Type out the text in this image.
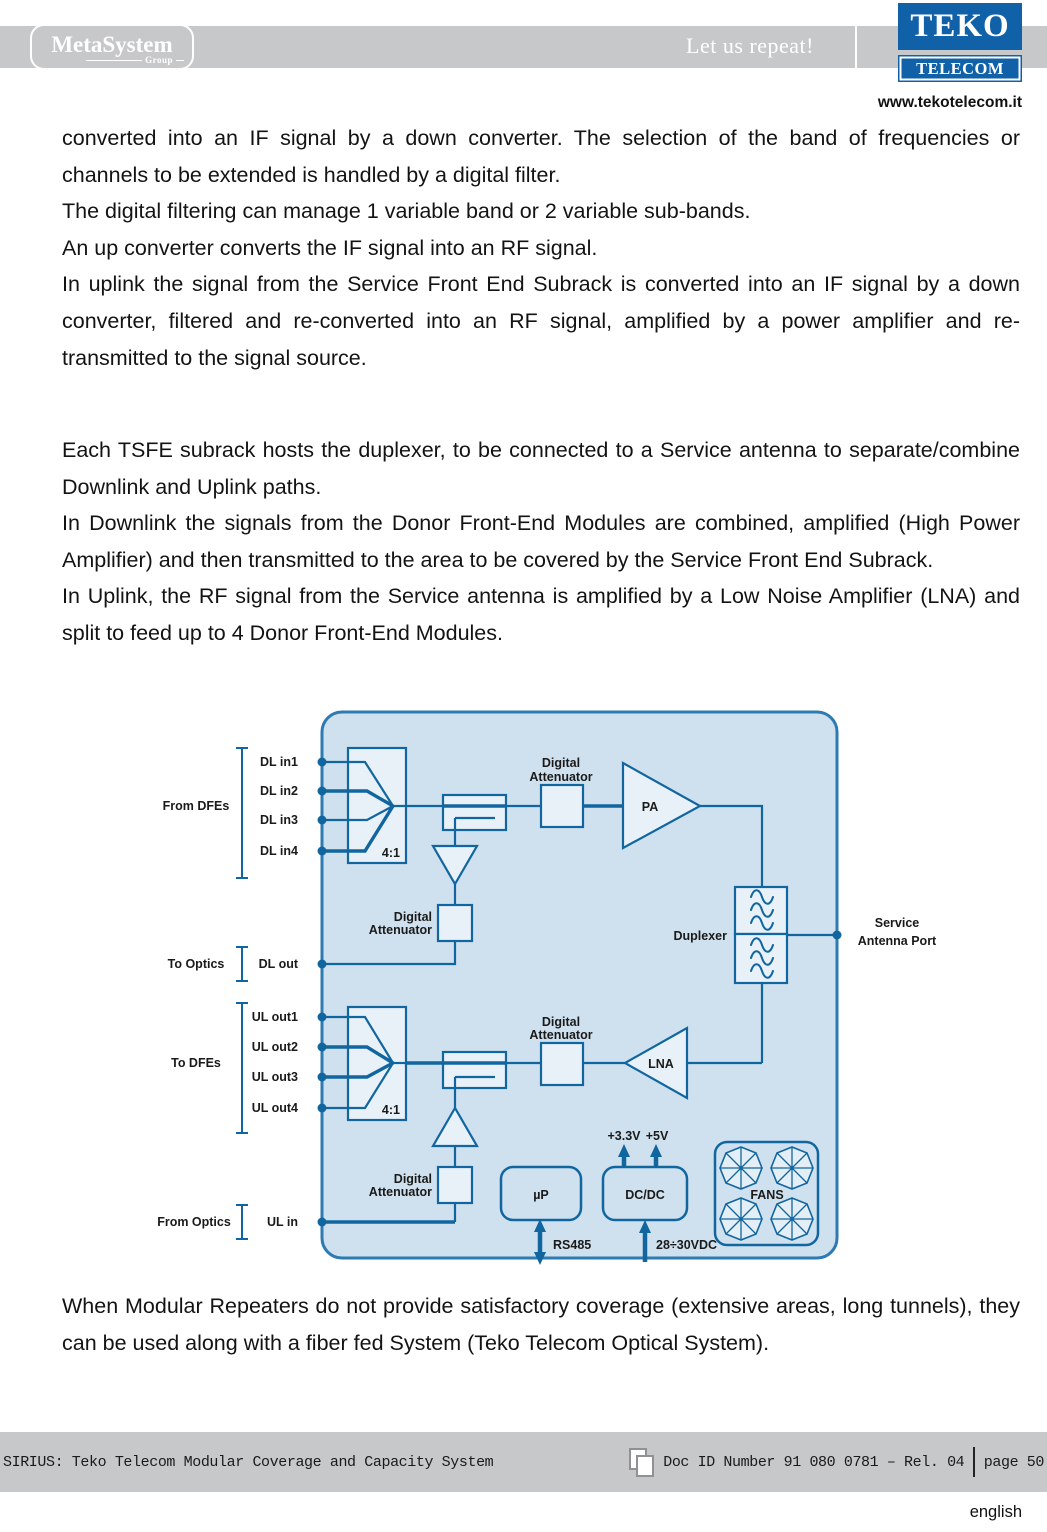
MetaSystem
Group
Let us repeat!
TEKO
TELECOM
www.tekotelecom.it

converted into an IF signal by a down converter. The selection of the band of frequencies or channels to be extended is handled by a digital filter.

The digital filtering can manage 1 variable band or 2 variable sub-bands.

An up converter converts the IF signal into an RF signal.

In uplink the signal from the Service Front End Subrack is converted into an IF signal by a down converter, filtered and re-converted into an RF signal, amplified by a power amplifier and re-transmitted to the signal source.

Each TSFE subrack hosts the duplexer, to be connected to a Service antenna to separate/combine Downlink and Uplink paths.

In Downlink the signals from the Donor Front-End Modules are combined, amplified (High Power Amplifier) and then transmitted to the area to be covered by the Service Front End Subrack.

In Uplink, the RF signal from the Service antenna is amplified by a Low Noise Amplifier (LNA) and split to feed up to 4 Donor Front-End Modules.

When Modular Repeaters do not provide satisfactory coverage (extensive areas, long tunnels), they can be used along with a fiber fed System (Teko Telecom Optical System).

4:1
Digital
Attenuator
PA
Digital
Attenuator	Duplexer
Service
Antenna Port
LNA
Digital
Attenuator
4:1
Digital
Attenuator
From DFEs
DL in1
DL in2
DL in3
DL in4
To Optics	DL out
To DFEs
UL out1
UL out2
UL out3
UL out4
From Optics	UL in
µP
RS485
DC/DC
+3.3V +5V
28÷30VDC
FANS
SIRIUS: Teko Telecom Modular Coverage and Capacity System	Doc ID Number 91 080 0781 – Rel. 04 page 50
english
